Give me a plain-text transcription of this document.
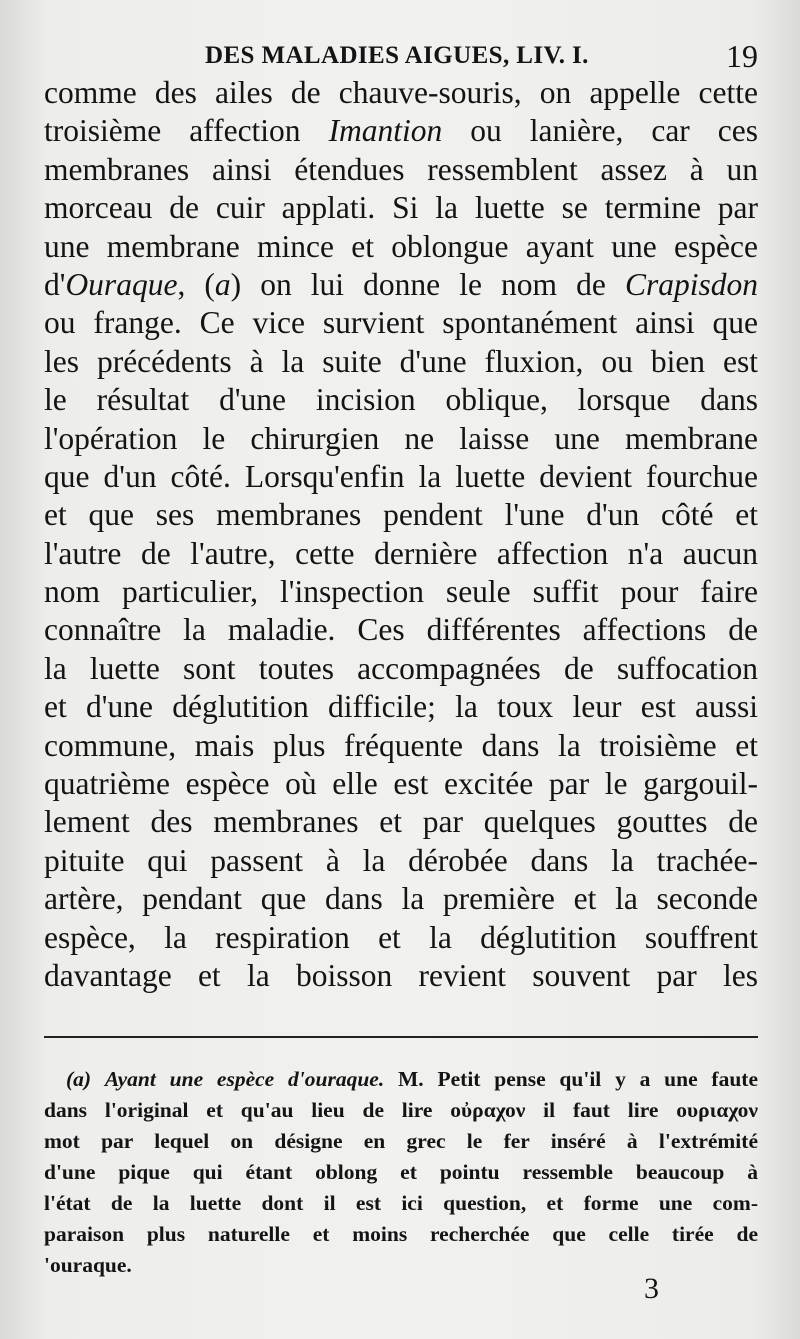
DES MALADIES AIGUES, LIV. I.	19
comme des ailes de chauve-souris, on appelle cette
troisième affection Imantion ou lanière, car ces
membranes ainsi étendues ressemblent assez à un
morceau de cuir applati. Si la luette se termine par
une membrane mince et oblongue ayant une espèce
d'Ouraque, (a) on lui donne le nom de Crapisdon
ou frange. Ce vice survient spontanément ainsi que
les précédents à la suite d'une fluxion, ou bien est
le résultat d'une incision oblique, lorsque dans
l'opération le chirurgien ne laisse une membrane
que d'un côté. Lorsqu'enfin la luette devient fourchue
et que ses membranes pendent l'une d'un côté et
l'autre de l'autre, cette dernière affection n'a aucun
nom particulier, l'inspection seule suffit pour faire
connaître la maladie. Ces différentes affections de
la luette sont toutes accompagnées de suffocation
et d'une déglutition difficile; la toux leur est aussi
commune, mais plus fréquente dans la troisième et
quatrième espèce où elle est excitée par le gargouil-
lement des membranes et par quelques gouttes de
pituite qui passent à la dérobée dans la trachée-
artère, pendant que dans la première et la seconde
espèce, la respiration et la déglutition souffrent
davantage et la boisson revient souvent par les
(a) Ayant une espèce d'ouraque. M. Petit pense qu'il y a une faute
dans l'original et qu'au lieu de lire οὐραχον il faut lire ουριαχον
mot par lequel on désigne en grec le fer inséré à l'extrémité
d'une pique qui étant oblong et pointu ressemble beaucoup à
l'état de la luette dont il est ici question, et forme une com-
paraison plus naturelle et moins recherchée que celle tirée de
'ouraque.
3
